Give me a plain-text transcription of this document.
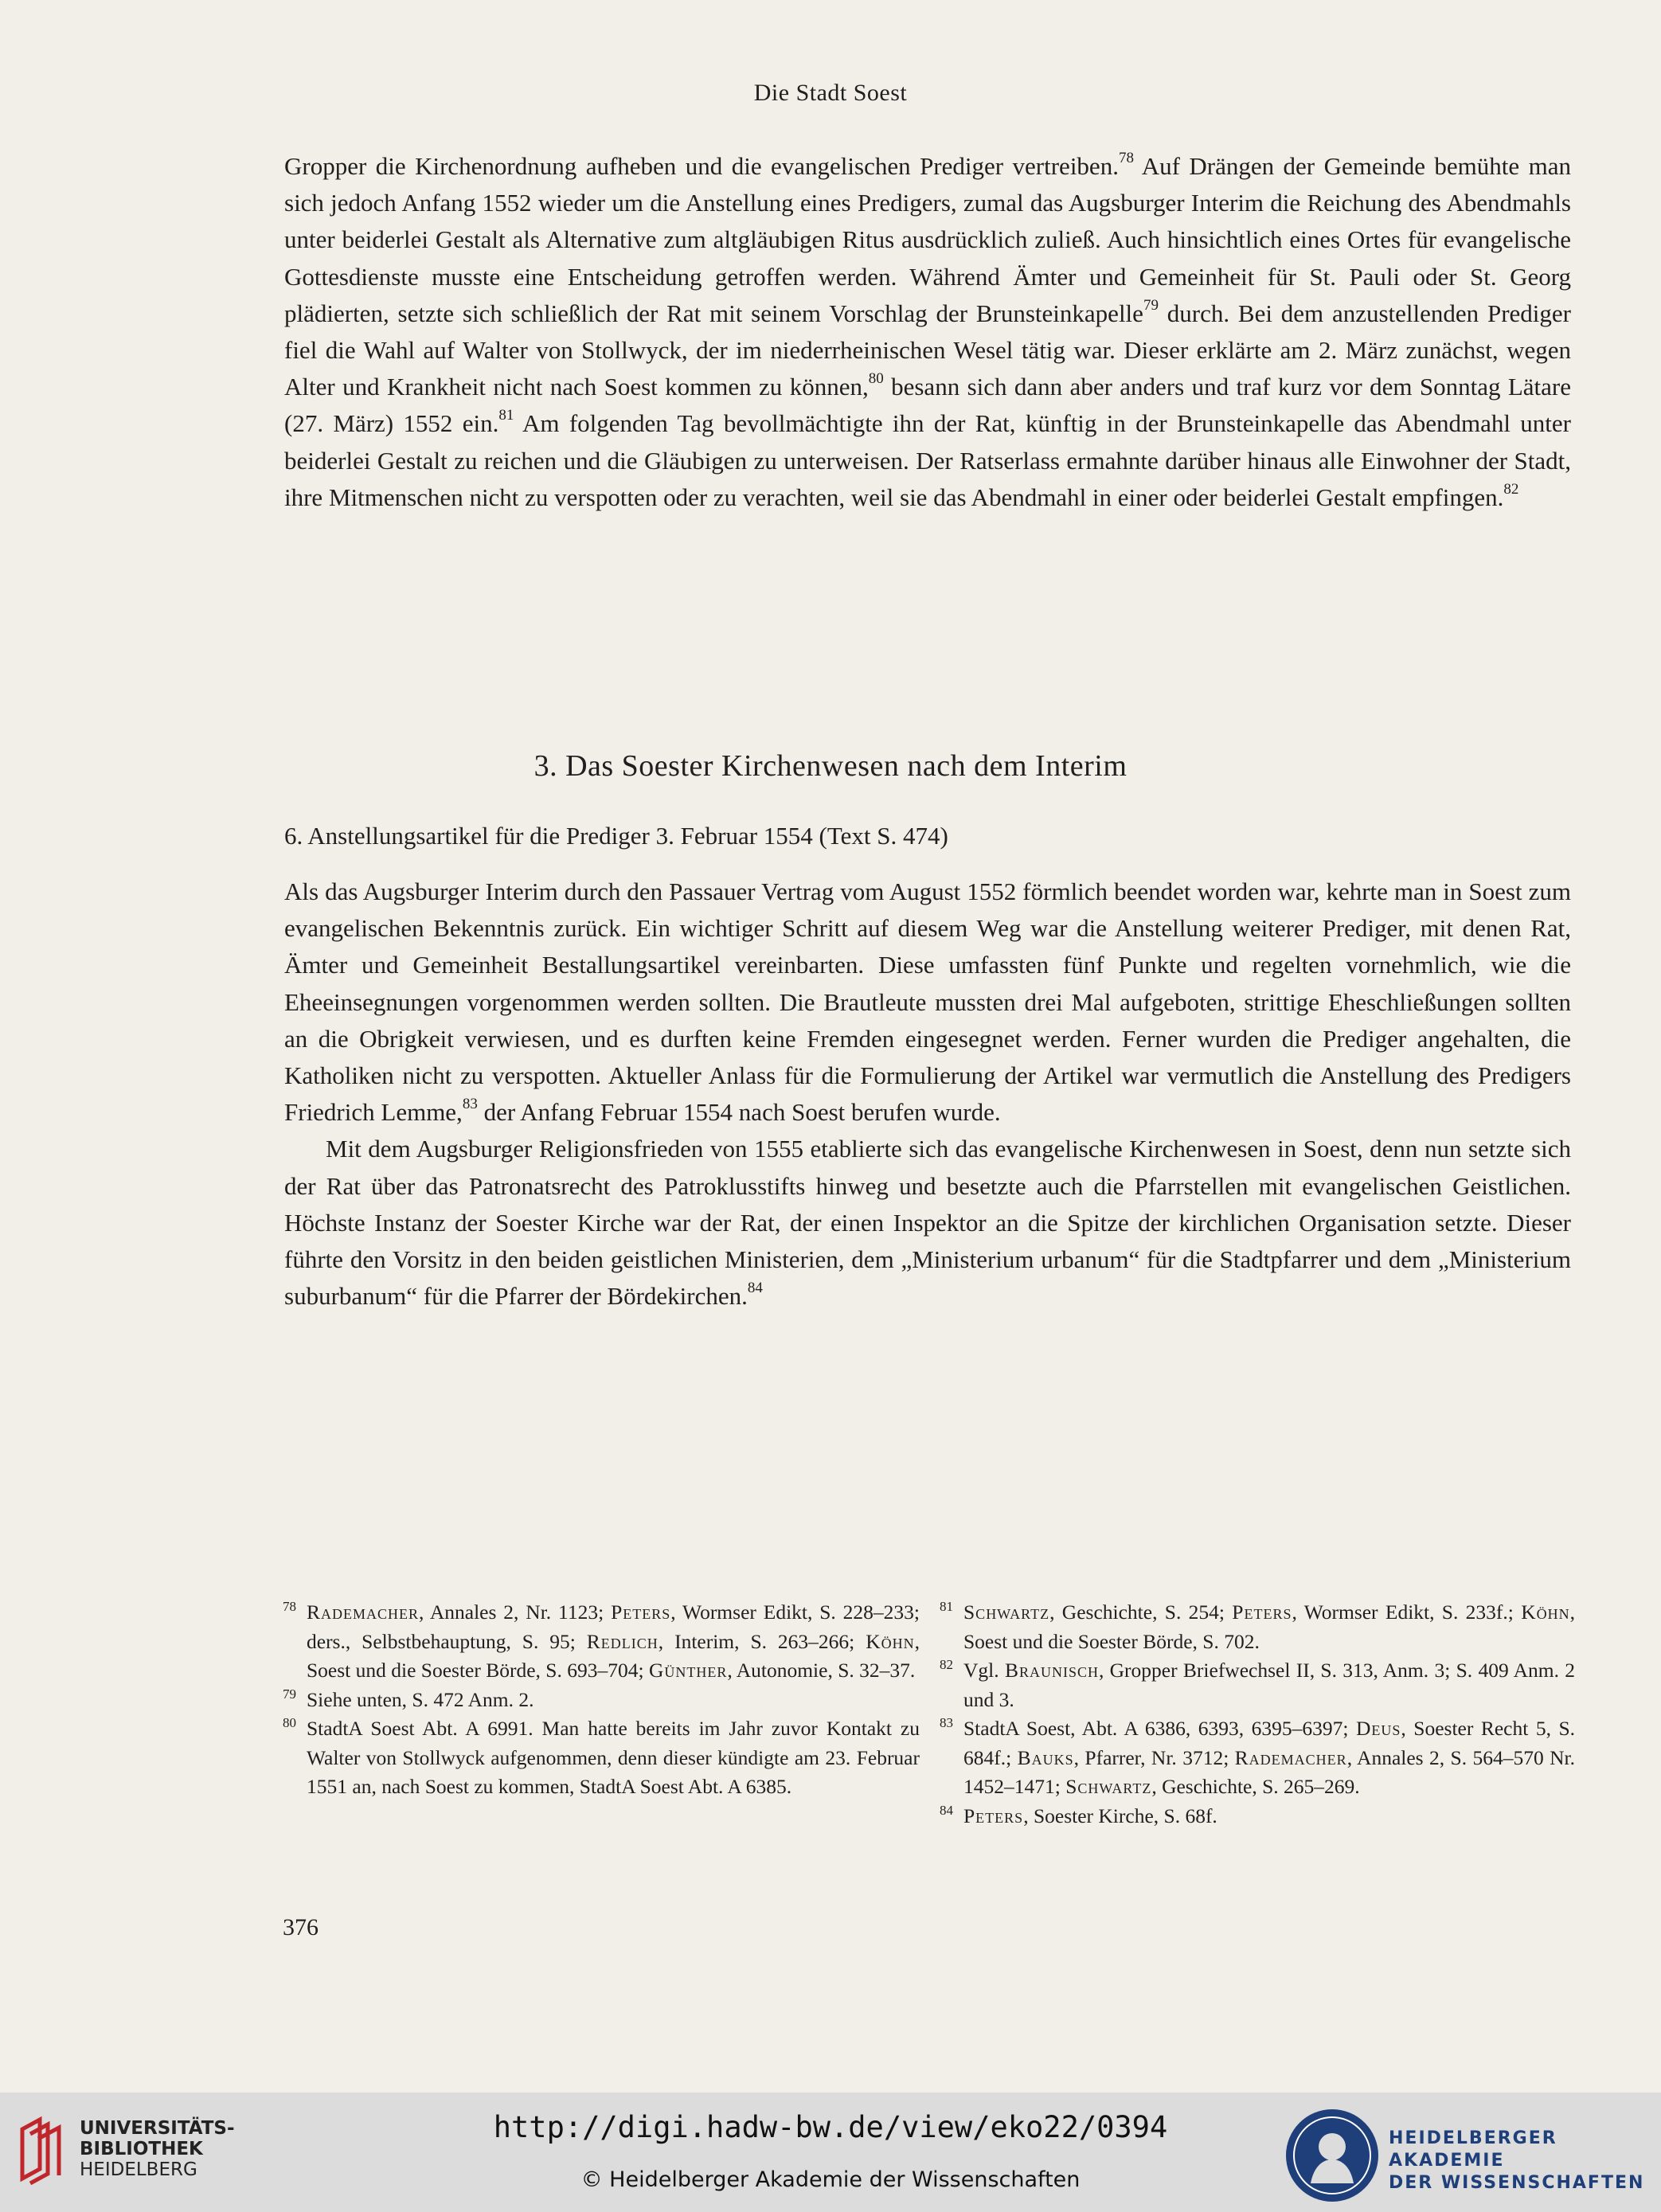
Die Stadt Soest

Gropper die Kirchenordnung aufheben und die evangelischen Prediger vertreiben.$^{78}$ Auf Drängen der Gemeinde bemühte man sich jedoch Anfang 1552 wieder um die Anstellung eines Predigers, zumal das Augsburger Interim die Reichung des Abendmahls unter beiderlei Gestalt als Alternative zum altgläubigen Ritus ausdrücklich zuließ. Auch hinsichtlich eines Ortes für evangelische Gottesdienste musste eine Entscheidung getroffen werden. Während Ämter und Gemeinheit für St. Pauli oder St. Georg plädierten, setzte sich schließlich der Rat mit seinem Vorschlag der Brunsteinkapelle$^{79}$ durch. Bei dem anzustellenden Prediger fiel die Wahl auf Walter von Stollwyck, der im niederrheinischen Wesel tätig war. Dieser erklärte am 2. März zunächst, wegen Alter und Krankheit nicht nach Soest kommen zu können,$^{80}$ besann sich dann aber anders und traf kurz vor dem Sonntag Lätare (27. März) 1552 ein.$^{81}$ Am folgenden Tag bevollmächtigte ihn der Rat, künftig in der Brunsteinkapelle das Abendmahl unter beiderlei Gestalt zu reichen und die Gläubigen zu unterweisen. Der Ratserlass ermahnte darüber hinaus alle Einwohner der Stadt, ihre Mitmenschen nicht zu verspotten oder zu verachten, weil sie das Abendmahl in einer oder beiderlei Gestalt empfingen.$^{82}$

3. Das Soester Kirchenwesen nach dem Interim
6. Anstellungsartikel für die Prediger 3. Februar 1554 (Text S. 474)

Als das Augsburger Interim durch den Passauer Vertrag vom August 1552 förmlich beendet worden war, kehrte man in Soest zum evangelischen Bekenntnis zurück. Ein wichtiger Schritt auf diesem Weg war die Anstellung weiterer Prediger, mit denen Rat, Ämter und Gemeinheit Bestallungsartikel vereinbarten. Diese umfassten fünf Punkte und regelten vornehmlich, wie die Eheeinsegnungen vorgenommen werden sollten. Die Brautleute mussten drei Mal aufgeboten, strittige Eheschließungen sollten an die Obrigkeit verwiesen, und es durften keine Fremden eingesegnet werden. Ferner wurden die Prediger angehalten, die Katholiken nicht zu verspotten. Aktueller Anlass für die Formulierung der Artikel war vermutlich die Anstellung des Predigers Friedrich Lemme,$^{83}$ der Anfang Februar 1554 nach Soest berufen wurde.

Mit dem Augsburger Religionsfrieden von 1555 etablierte sich das evangelische Kirchenwesen in Soest, denn nun setzte sich der Rat über das Patronatsrecht des Patroklusstifts hinweg und besetzte auch die Pfarrstellen mit evangelischen Geistlichen. Höchste Instanz der Soester Kirche war der Rat, der einen Inspektor an die Spitze der kirchlichen Organisation setzte. Dieser führte den Vorsitz in den beiden geistlichen Ministerien, dem „Ministerium urbanum“ für die Stadtpfarrer und dem „Ministerium suburbanum“ für die Pfarrer der Bördekirchen.$^{84}$

78 Rademacher, Annales 2, Nr. 1123; Peters, Wormser Edikt, S. 228–233; ders., Selbstbehauptung, S. 95; Redlich, Interim, S. 263–266; Köhn, Soest und die Soester Börde, S. 693–704; Günther, Autonomie, S. 32–37.
79 Siehe unten, S. 472 Anm. 2.
80 StadtA Soest Abt. A 6991. Man hatte bereits im Jahr zuvor Kontakt zu Walter von Stollwyck aufgenommen, denn dieser kündigte am 23. Februar 1551 an, nach Soest zu kommen, StadtA Soest Abt. A 6385.
81 Schwartz, Geschichte, S. 254; Peters, Wormser Edikt, S. 233f.; Köhn, Soest und die Soester Börde, S. 702.
82 Vgl. Braunisch, Gropper Briefwechsel II, S. 313, Anm. 3; S. 409 Anm. 2 und 3.
83 StadtA Soest, Abt. A 6386, 6393, 6395–6397; Deus, Soester Recht 5, S. 684f.; Bauks, Pfarrer, Nr. 3712; Rademacher, Annales 2, S. 564–570 Nr. 1452–1471; Schwartz, Geschichte, S. 265–269.
84 Peters, Soester Kirche, S. 68f.
376
UNIVERSITÄTS-
BIBLIOTHEK
HEIDELBERG
http://digi.hadw-bw.de/view/eko22/0394
© Heidelberger Akademie der Wissenschaften
HEIDELBERGER AKADEMIE
DER WISSENSCHAFTEN
